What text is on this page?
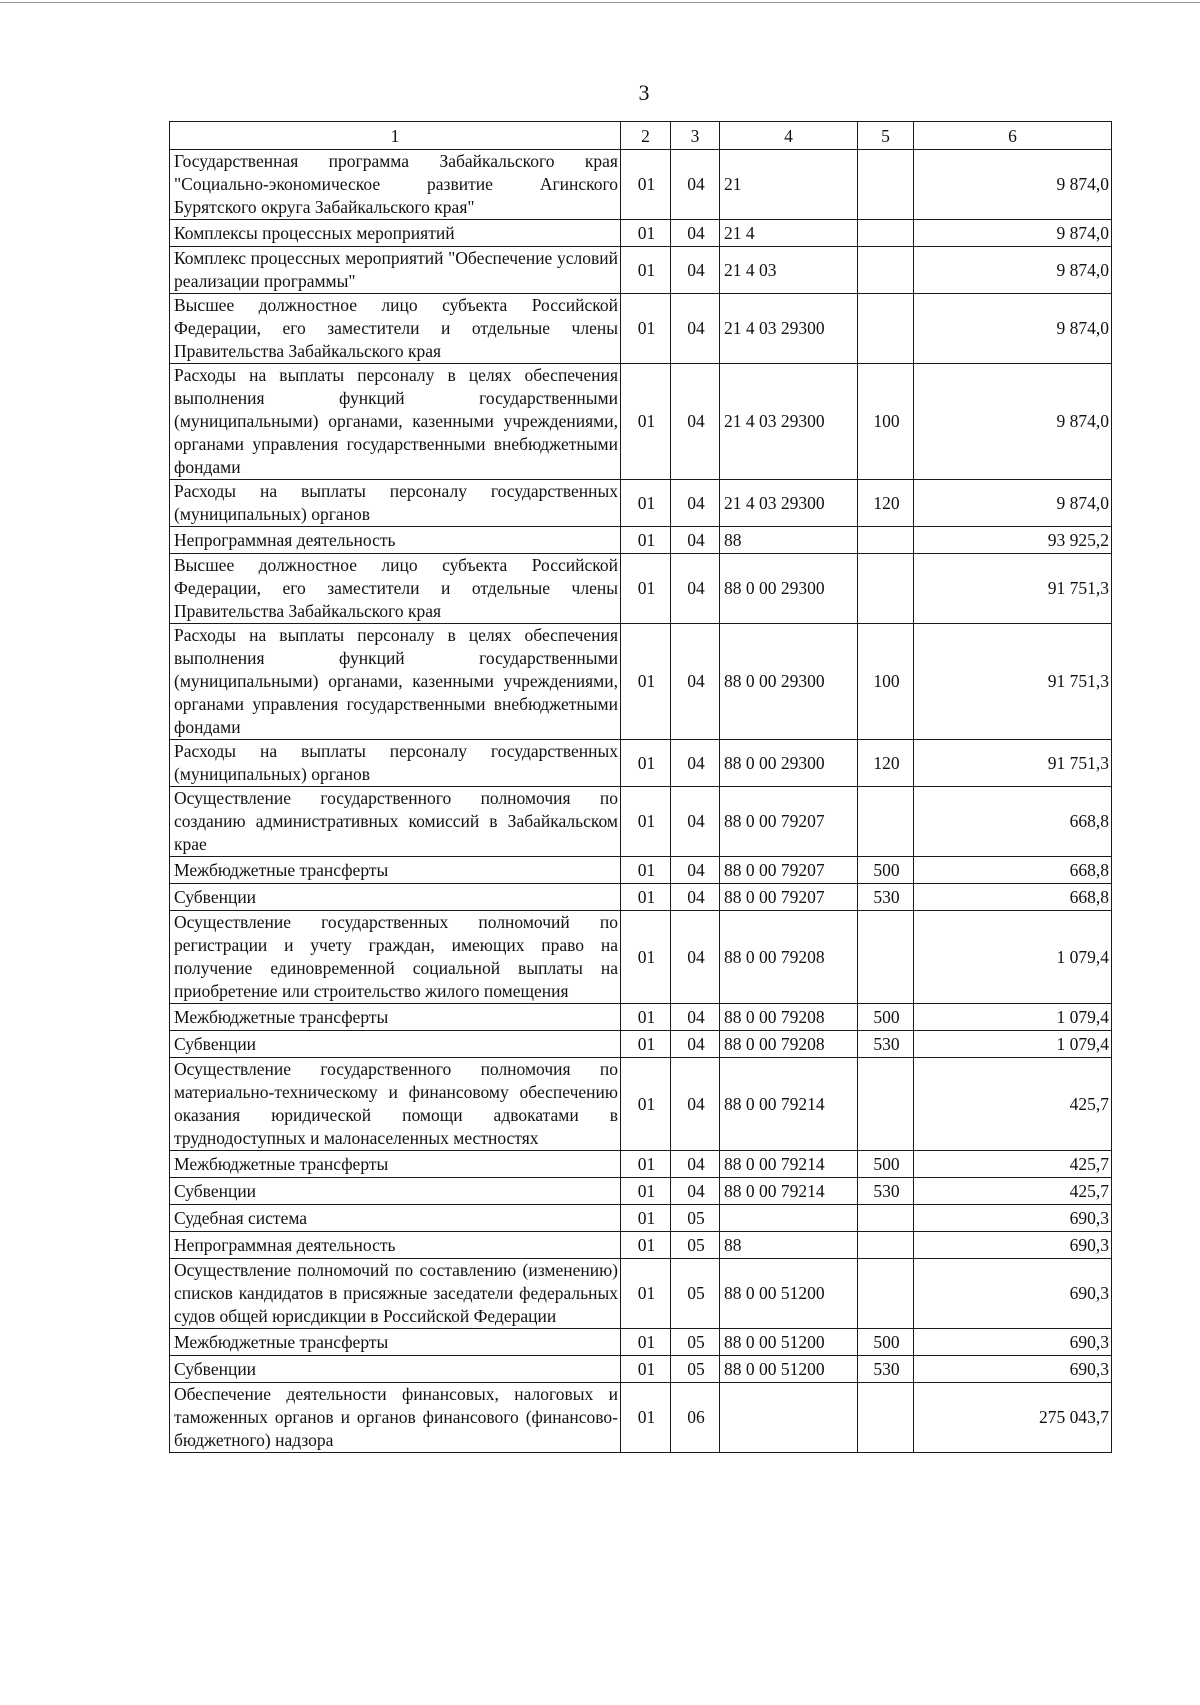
3
1	2	3	4	5	6
Государственная программа Забайкальского края "Социально-экономическое развитие Агинского Бурятского округа Забайкальского края"	01	04	21		9 874,0
Комплексы процессных мероприятий	01	04	21 4		9 874,0
Комплекс процессных мероприятий "Обеспечение условий реализации программы"	01	04	21 4 03		9 874,0
Высшее должностное лицо субъекта Российской Федерации, его заместители и отдельные члены Правительства Забайкальского края	01	04	21 4 03 29300		9 874,0
Расходы на выплаты персоналу в целях обеспечения выполнения функций государственными (муниципальными) органами, казенными учреждениями, органами управления государственными внебюджетными фондами	01	04	21 4 03 29300	100	9 874,0
Расходы на выплаты персоналу государственных (муниципальных) органов	01	04	21 4 03 29300	120	9 874,0
Непрограммная деятельность	01	04	88		93 925,2
Высшее должностное лицо субъекта Российской Федерации, его заместители и отдельные члены Правительства Забайкальского края	01	04	88 0 00 29300		91 751,3
Расходы на выплаты персоналу в целях обеспечения выполнения функций государственными (муниципальными) органами, казенными учреждениями, органами управления государственными внебюджетными фондами	01	04	88 0 00 29300	100	91 751,3
Расходы на выплаты персоналу государственных (муниципальных) органов	01	04	88 0 00 29300	120	91 751,3
Осуществление государственного полномочия по созданию административных комиссий в Забайкальском крае	01	04	88 0 00 79207		668,8
Межбюджетные трансферты	01	04	88 0 00 79207	500	668,8
Субвенции	01	04	88 0 00 79207	530	668,8
Осуществление государственных полномочий по регистрации и учету граждан, имеющих право на получение единовременной социальной выплаты на приобретение или строительство жилого помещения	01	04	88 0 00 79208		1 079,4
Межбюджетные трансферты	01	04	88 0 00 79208	500	1 079,4
Субвенции	01	04	88 0 00 79208	530	1 079,4
Осуществление государственного полномочия по материально-техническому и финансовому обеспечению оказания юридической помощи адвокатами в труднодоступных и малонаселенных местностях	01	04	88 0 00 79214		425,7
Межбюджетные трансферты	01	04	88 0 00 79214	500	425,7
Субвенции	01	04	88 0 00 79214	530	425,7
Судебная система	01	05			690,3
Непрограммная деятельность	01	05	88		690,3
Осуществление полномочий по составлению (изменению) списков кандидатов в присяжные заседатели федеральных судов общей юрисдикции в Российской Федерации	01	05	88 0 00 51200		690,3
Межбюджетные трансферты	01	05	88 0 00 51200	500	690,3
Субвенции	01	05	88 0 00 51200	530	690,3
Обеспечение деятельности финансовых, налоговых и таможенных органов и органов финансового (финансово-бюджетного) надзора	01	06			275 043,7
